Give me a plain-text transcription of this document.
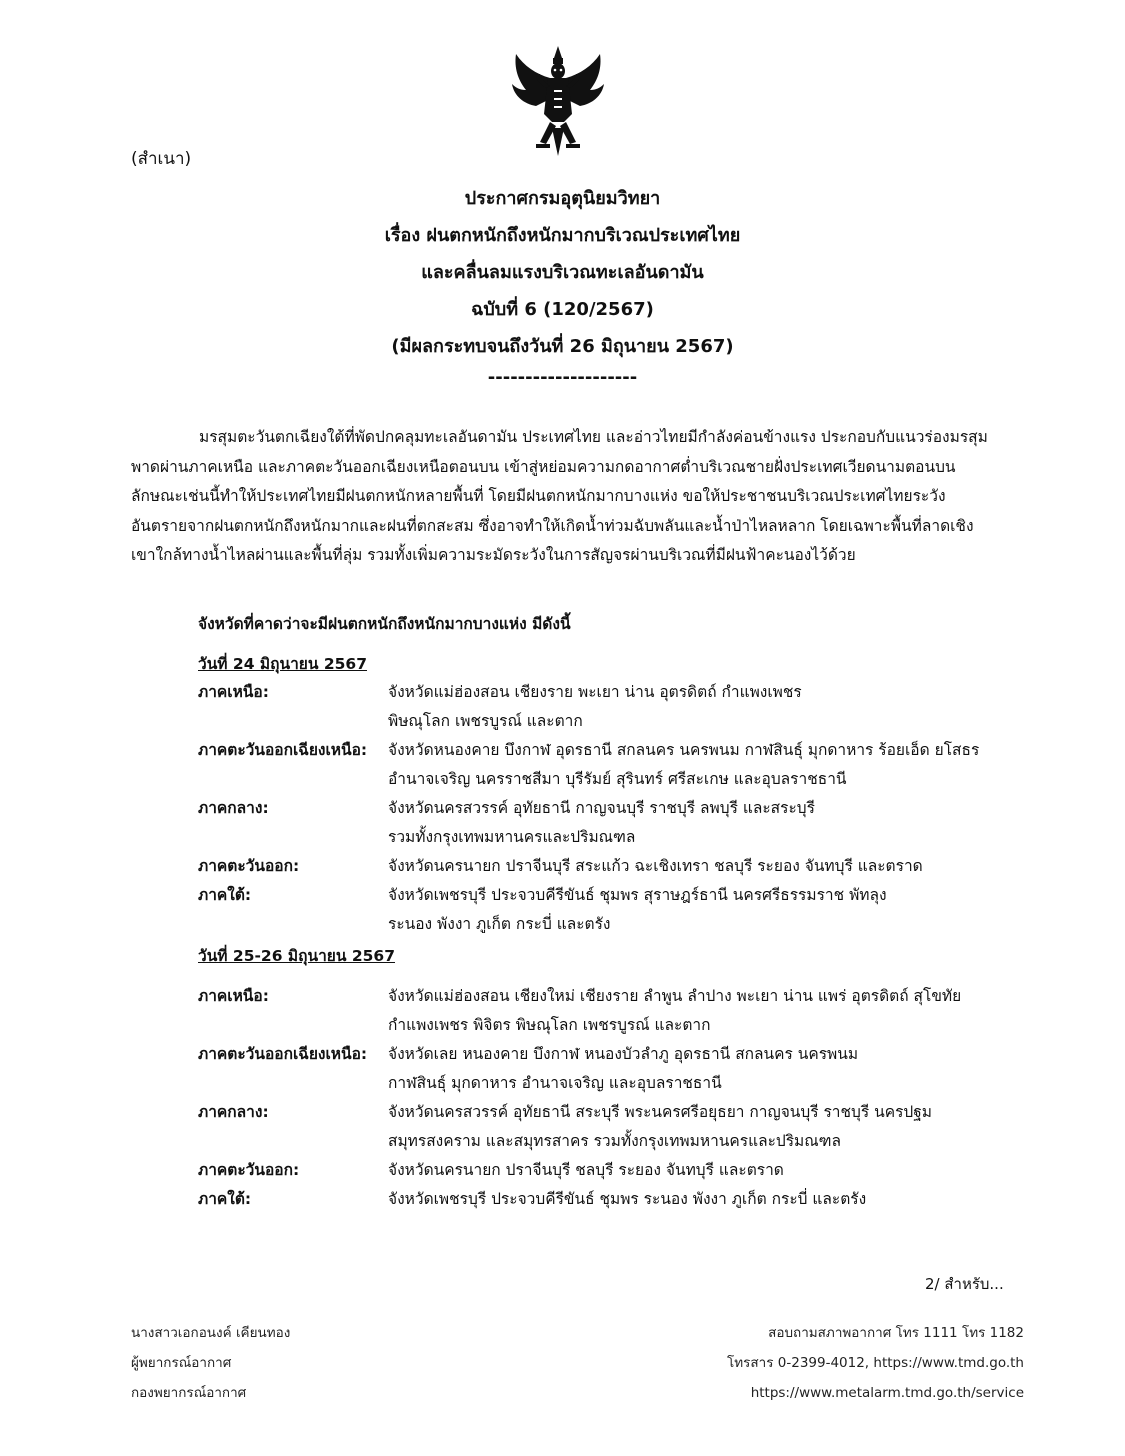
(สำเนา)
ประกาศกรมอุตุนิยมวิทยา
เรื่อง ฝนตกหนักถึงหนักมากบริเวณประเทศไทย
และคลื่นลมแรงบริเวณทะเลอันดามัน
ฉบับที่ 6 (120/2567)
(มีผลกระทบจนถึงวันที่ 26 มิถุนายน 2567)
--------------------
มรสุมตะวันตกเฉียงใต้ที่พัดปกคลุมทะเลอันดามัน ประเทศไทย และอ่าวไทยมีกำลังค่อนข้างแรง ประกอบกับแนวร่องมรสุม
พาดผ่านภาคเหนือ และภาคตะวันออกเฉียงเหนือตอนบน เข้าสู่หย่อมความกดอากาศต่ำบริเวณชายฝั่งประเทศเวียดนามตอนบน
ลักษณะเช่นนี้ทำให้ประเทศไทยมีฝนตกหนักหลายพื้นที่ โดยมีฝนตกหนักมากบางแห่ง ขอให้ประชาชนบริเวณประเทศไทยระวัง
อันตรายจากฝนตกหนักถึงหนักมากและฝนที่ตกสะสม ซึ่งอาจทำให้เกิดน้ำท่วมฉับพลันและน้ำป่าไหลหลาก โดยเฉพาะพื้นที่ลาดเชิง
เขาใกล้ทางน้ำไหลผ่านและพื้นที่ลุ่ม รวมทั้งเพิ่มความระมัดระวังในการสัญจรผ่านบริเวณที่มีฝนฟ้าคะนองไว้ด้วย
จังหวัดที่คาดว่าจะมีฝนตกหนักถึงหนักมากบางแห่ง มีดังนี้
วันที่ 24 มิถุนายน 2567
ภาคเหนือ:	จังหวัดแม่ฮ่องสอน เชียงราย พะเยา น่าน อุตรดิตถ์ กำแพงเพชร
พิษณุโลก เพชรบูรณ์ และตาก
ภาคตะวันออกเฉียงเหนือ:	จังหวัดหนองคาย บึงกาฬ อุดรธานี สกลนคร นครพนม กาฬสินธุ์ มุกดาหาร ร้อยเอ็ด ยโสธร
อำนาจเจริญ นครราชสีมา บุรีรัมย์ สุรินทร์ ศรีสะเกษ และอุบลราชธานี
ภาคกลาง:	จังหวัดนครสวรรค์ อุทัยธานี กาญจนบุรี ราชบุรี ลพบุรี และสระบุรี
รวมทั้งกรุงเทพมหานครและปริมณฑล
ภาคตะวันออก:	จังหวัดนครนายก ปราจีนบุรี สระแก้ว ฉะเชิงเทรา ชลบุรี ระยอง จันทบุรี และตราด
ภาคใต้:	จังหวัดเพชรบุรี ประจวบคีรีขันธ์ ชุมพร สุราษฎร์ธานี นครศรีธรรมราช พัทลุง
ระนอง พังงา ภูเก็ต กระบี่ และตรัง
วันที่ 25-26 มิถุนายน 2567
ภาคเหนือ:	จังหวัดแม่ฮ่องสอน เชียงใหม่ เชียงราย ลำพูน ลำปาง พะเยา น่าน แพร่ อุตรดิตถ์ สุโขทัย
กำแพงเพชร พิจิตร พิษณุโลก เพชรบูรณ์ และตาก
ภาคตะวันออกเฉียงเหนือ:	จังหวัดเลย หนองคาย บึงกาฬ หนองบัวลำภู อุดรธานี สกลนคร นครพนม
กาฬสินธุ์ มุกดาหาร อำนาจเจริญ และอุบลราชธานี
ภาคกลาง:	จังหวัดนครสวรรค์ อุทัยธานี สระบุรี พระนครศรีอยุธยา กาญจนบุรี ราชบุรี นครปฐม
สมุทรสงคราม และสมุทรสาคร รวมทั้งกรุงเทพมหานครและปริมณฑล
ภาคตะวันออก:	จังหวัดนครนายก ปราจีนบุรี ชลบุรี ระยอง จันทบุรี และตราด
ภาคใต้:	จังหวัดเพชรบุรี ประจวบคีรีขันธ์ ชุมพร ระนอง พังงา ภูเก็ต กระบี่ และตรัง
2/ สำหรับ...
นางสาวเอกอนงค์ เคียนทอง
ผู้พยากรณ์อากาศ
กองพยากรณ์อากาศ
สอบถามสภาพอากาศ โทร 1111 โทร 1182
โทรสาร 0-2399-4012, https://www.tmd.go.th
https://www.metalarm.tmd.go.th/service
